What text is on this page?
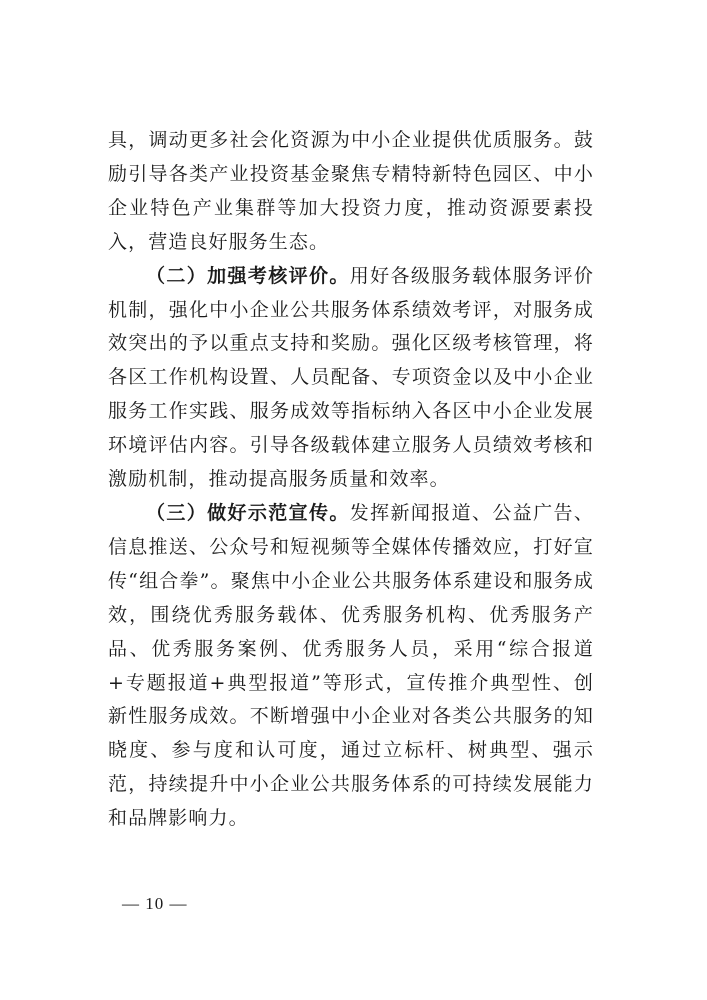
具，调动更多社会化资源为中小企业提供优质服务。鼓励引导各类产业投资基金聚焦专精特新特色园区、中小企业特色产业集群等加大投资力度，推动资源要素投入，营造良好服务生态。

（二）加强考核评价。用好各级服务载体服务评价机制，强化中小企业公共服务体系绩效考评，对服务成效突出的予以重点支持和奖励。强化区级考核管理，将各区工作机构设置、人员配备、专项资金以及中小企业服务工作实践、服务成效等指标纳入各区中小企业发展环境评估内容。引导各级载体建立服务人员绩效考核和激励机制，推动提高服务质量和效率。

（三）做好示范宣传。发挥新闻报道、公益广告、信息推送、公众号和短视频等全媒体传播效应，打好宣传“组合拳”。聚焦中小企业公共服务体系建设和服务成效，围绕优秀服务载体、优秀服务机构、优秀服务产品、优秀服务案例、优秀服务人员，采用“综合报道+专题报道+典型报道”等形式，宣传推介典型性、创新性服务成效。不断增强中小企业对各类公共服务的知晓度、参与度和认可度，通过立标杆、树典型、强示范，持续提升中小企业公共服务体系的可持续发展能力和品牌影响力。

— 10 —
